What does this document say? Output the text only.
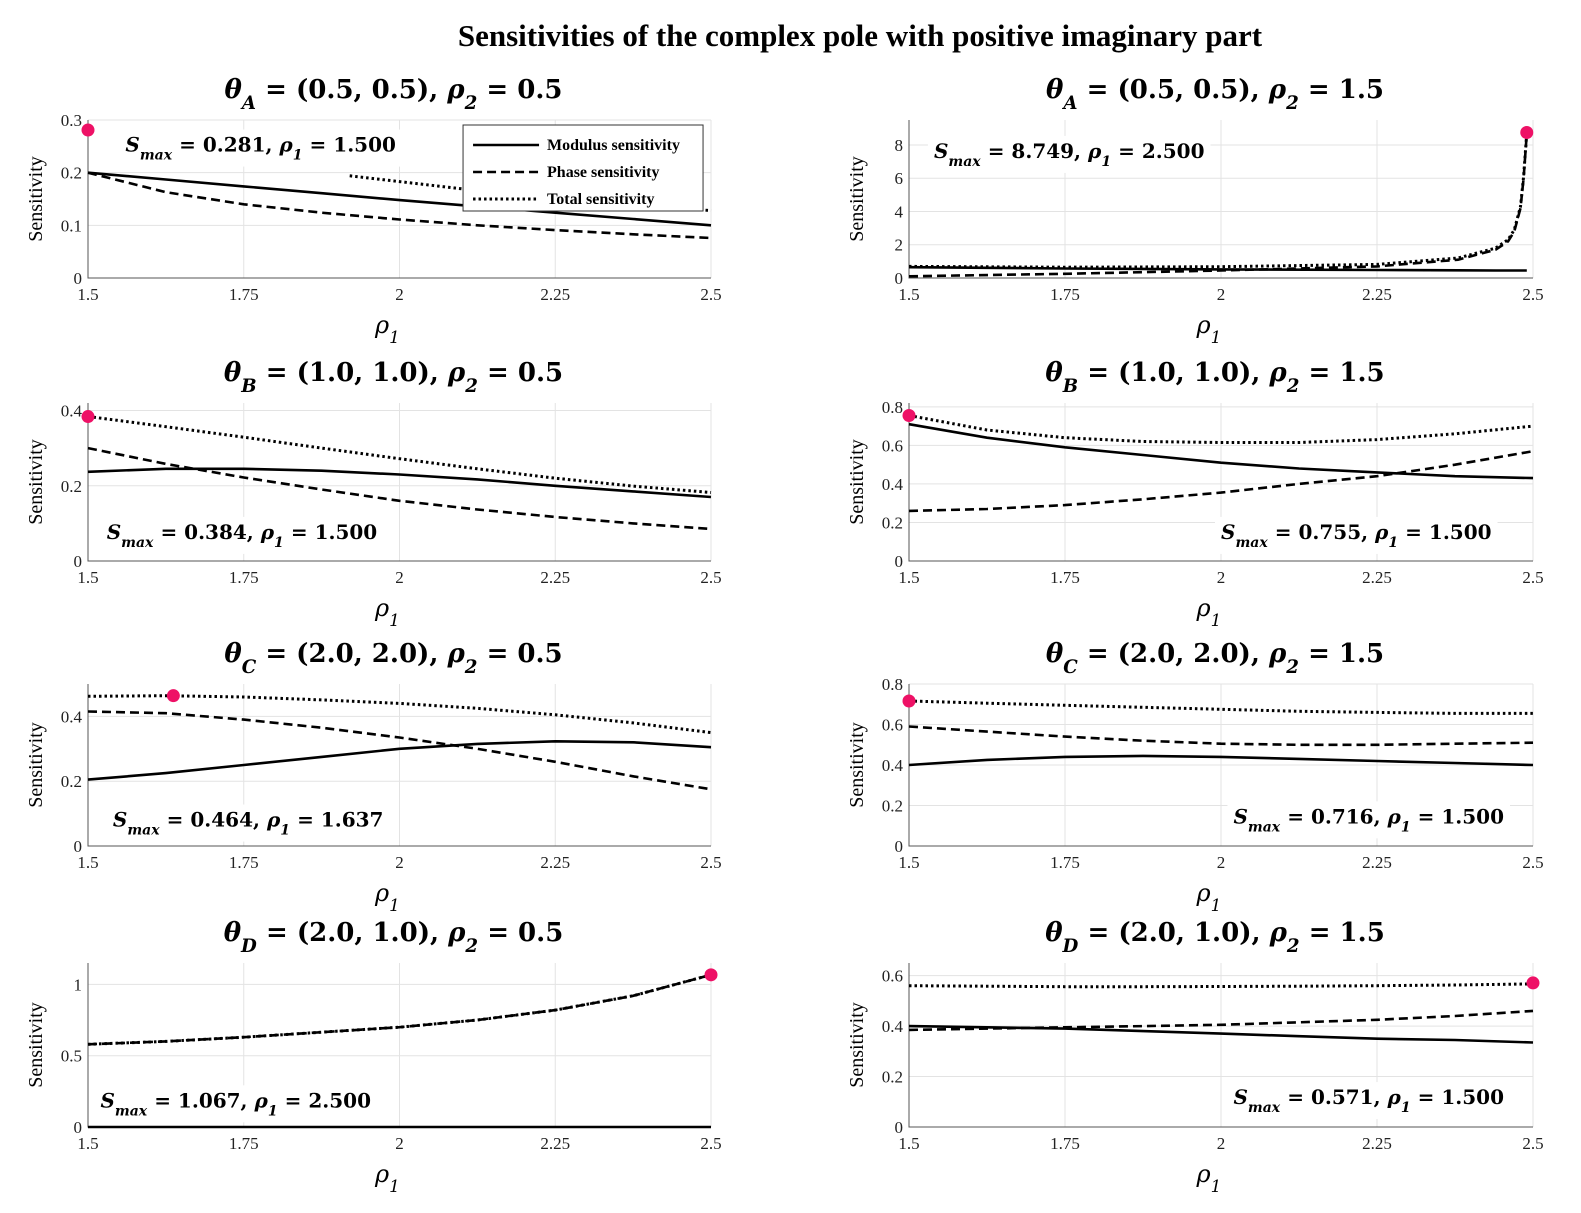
Sensitivities of the complex pole with positive imaginary part
1.5	1.75	2	2.25	2.5
0
0.1
0.2
0.3
$\rho_1$ 
Sensitivity
$\theta_A$  = (0.5, 0.5), $\rho_2$  = 0.5
$S_{max}$  = 0.281, $\rho_1$  = 1.500	Modulus sensitivity
Phase sensitivity
Total sensitivity
1.5	1.75	2	2.25	2.5
0
2
4
6
8
$\rho_1$ 
Sensitivity
$\theta_A$  = (0.5, 0.5), $\rho_2$  = 1.5
$S_{max}$  = 8.749, $\rho_1$  = 2.500
1.5	1.75	2	2.25	2.5
0
0.2
0.4
$\rho_1$ 
Sensitivity
$\theta_B$  = (1.0, 1.0), $\rho_2$  = 0.5
$S_{max}$  = 0.384, $\rho_1$  = 1.500
1.5	1.75	2	2.25	2.5
0
0.2
0.4
0.6
0.8
$\rho_1$ 
Sensitivity
$\theta_B$  = (1.0, 1.0), $\rho_2$  = 1.5
$S_{max}$  = 0.755, $\rho_1$  = 1.500
1.5	1.75	2	2.25	2.5
0
0.2
0.4
$\rho_1$ 
Sensitivity
$\theta_C$  = (2.0, 2.0), $\rho_2$  = 0.5
$S_{max}$  = 0.464, $\rho_1$  = 1.637
1.5	1.75	2	2.25	2.5
0
0.2
0.4
0.6
0.8
$\rho_1$ 
Sensitivity
$\theta_C$  = (2.0, 2.0), $\rho_2$  = 1.5
$S_{max}$  = 0.716, $\rho_1$  = 1.500
1.5	1.75	2	2.25	2.5
0
0.5
1
$\rho_1$ 
Sensitivity
$\theta_D$  = (2.0, 1.0), $\rho_2$  = 0.5
$S_{max}$  = 1.067, $\rho_1$  = 2.500
1.5	1.75	2	2.25	2.5
0
0.2
0.4
0.6
$\rho_1$ 
Sensitivity
$\theta_D$  = (2.0, 1.0), $\rho_2$  = 1.5
$S_{max}$  = 0.571, $\rho_1$  = 1.500
